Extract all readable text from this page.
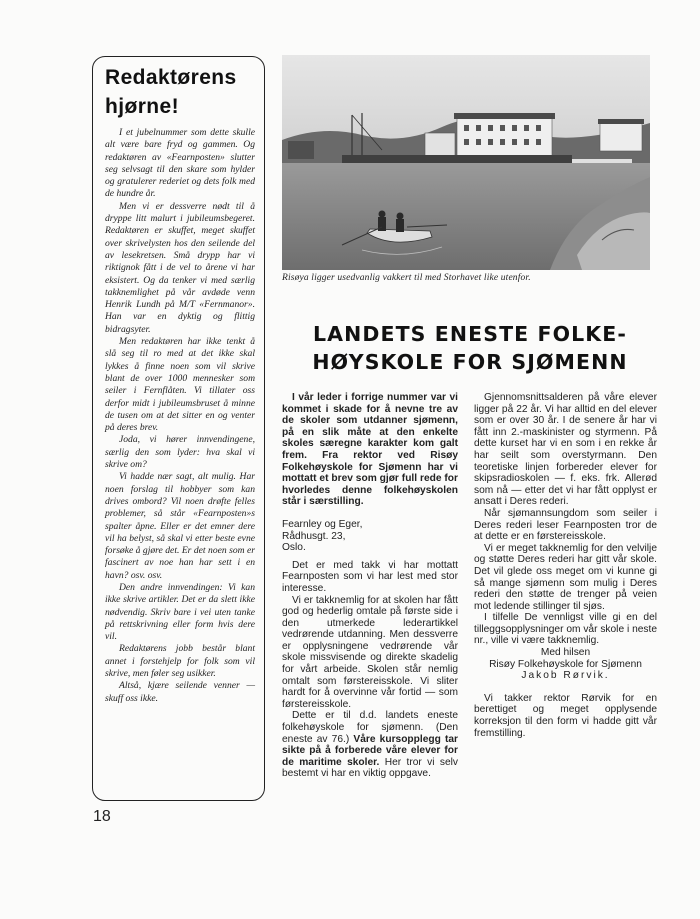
Redaktørens
hjørne!

I et jubelnummer som dette skulle alt være bare fryd og gammen. Og redaktøren av «Fearnposten» slutter seg selvsagt til den skare som hylder og gratulerer rederiet og dets folk med de hundre år.

Men vi er dessverre nødt til å dryppe litt malurt i jubileumsbegeret. Redaktøren er skuffet, meget skuffet over skrivelysten hos den seilende del av lesekretsen. Små drypp har vi riktignok fått i de vel to årene vi har eksistert. Og da tenker vi med særlig takknemlighet på vår avdøde venn Henrik Lundh på M/T «Fernmanor». Han var en dyktig og flittig bidragsyter.

Men redaktøren har ikke tenkt å slå seg til ro med at det ikke skal lykkes å finne noen som vil skrive blant de over 1000 mennesker som seiler i Fernflåten. Vi tillater oss derfor midt i jubileumsbruset å minne de tusen om at det sitter en og venter på deres brev.

Joda, vi hører innvendingene, særlig den som lyder: hva skal vi skrive om?

Vi hadde nær sagt, alt mulig. Har noen forslag til hobbyer som kan drives ombord? Vil noen drøfte felles problemer, så står «Fearnposten»s spalter åpne. Eller er det emner dere vil ha belyst, så skal vi etter beste evne forsøke å gjøre det. Er det noen som er fascinert av noe han har sett i en havn? osv. osv.

Den andre innvendingen: Vi kan ikke skrive artikler. Det er da slett ikke nødvendig. Skriv bare i vei uten tanke på rettskrivning eller form hvis dere vil.

Redaktørens jobb består blant annet i forstehjelp for folk som vil skrive, men føler seg usikker.

Altså, kjære seilende venner — skuff oss ikke.

18
Risøya ligger usedvanlig vakkert til med Storhavet like utenfor.
LANDETS ENESTE FOLKE-
HØYSKOLE FOR SJØMENN

I vår leder i forrige nummer var vi kommet i skade for å nevne tre av de skoler som utdanner sjømenn, på en slik måte at den enkelte skoles særegne karakter kom galt frem. Fra rektor ved Risøy Folkehøyskole for Sjømenn har vi mottatt et brev som gjør full rede for hvorledes denne folkehøyskolen står i særstilling.

Fearnley og Eger,

Rådhusgt. 23,

Oslo.

Det er med takk vi har mottatt Fearnposten som vi har lest med stor interesse.

Vi er takknemlig for at skolen har fått god og hederlig omtale på første side i den utmerkede lederartikkel vedrørende utdanning. Men dessverre er opplysningene vedrørende vår skole missvisende og direkte skadelig for vårt arbeide. Skolen står nemlig omtalt som førstereisskole. Vi sliter hardt for å overvinne vår fortid — som førstereisskole.

Dette er til d.d. landets eneste folkehøyskole for sjømenn. (Den eneste av 76.) Våre kursopplegg tar sikte på å forberede våre elever for de maritime skoler. Her tror vi selv bestemt vi har en viktig oppgave.

Gjennomsnittsalderen på våre elever ligger på 22 år. Vi har alltid en del elever som er over 30 år. I de senere år har vi fått inn 2.-maskinister og styrmenn. På dette kurset har vi en som i en rekke år har seilt som overstyrmann. Den teoretiske linjen forbereder elever for skipsradioskolen — f. eks. frk. Allerød som nå — etter det vi har fått opplyst er ansatt i Deres rederi.

Når sjømannsungdom som seiler i Deres rederi leser Fearnposten tror de at dette er en førstereisskole.

Vi er meget takknemlig for den velvilje og støtte Deres rederi har gitt vår skole. Det vil glede oss meget om vi kunne gi så mange sjømenn som mulig i Deres rederi den støtte de trenger på veien mot ledende stillinger til sjøs.

I tilfelle De vennligst ville gi en del tilleggsopplysninger om vår skole i neste nr., ville vi være takknemlig.

Med hilsen

Risøy Folkehøyskole for Sjømenn

Jakob Rørvik.

Vi takker rektor Rørvik for en berettiget og meget opplysende korreksjon til den form vi hadde gitt vår fremstilling.
